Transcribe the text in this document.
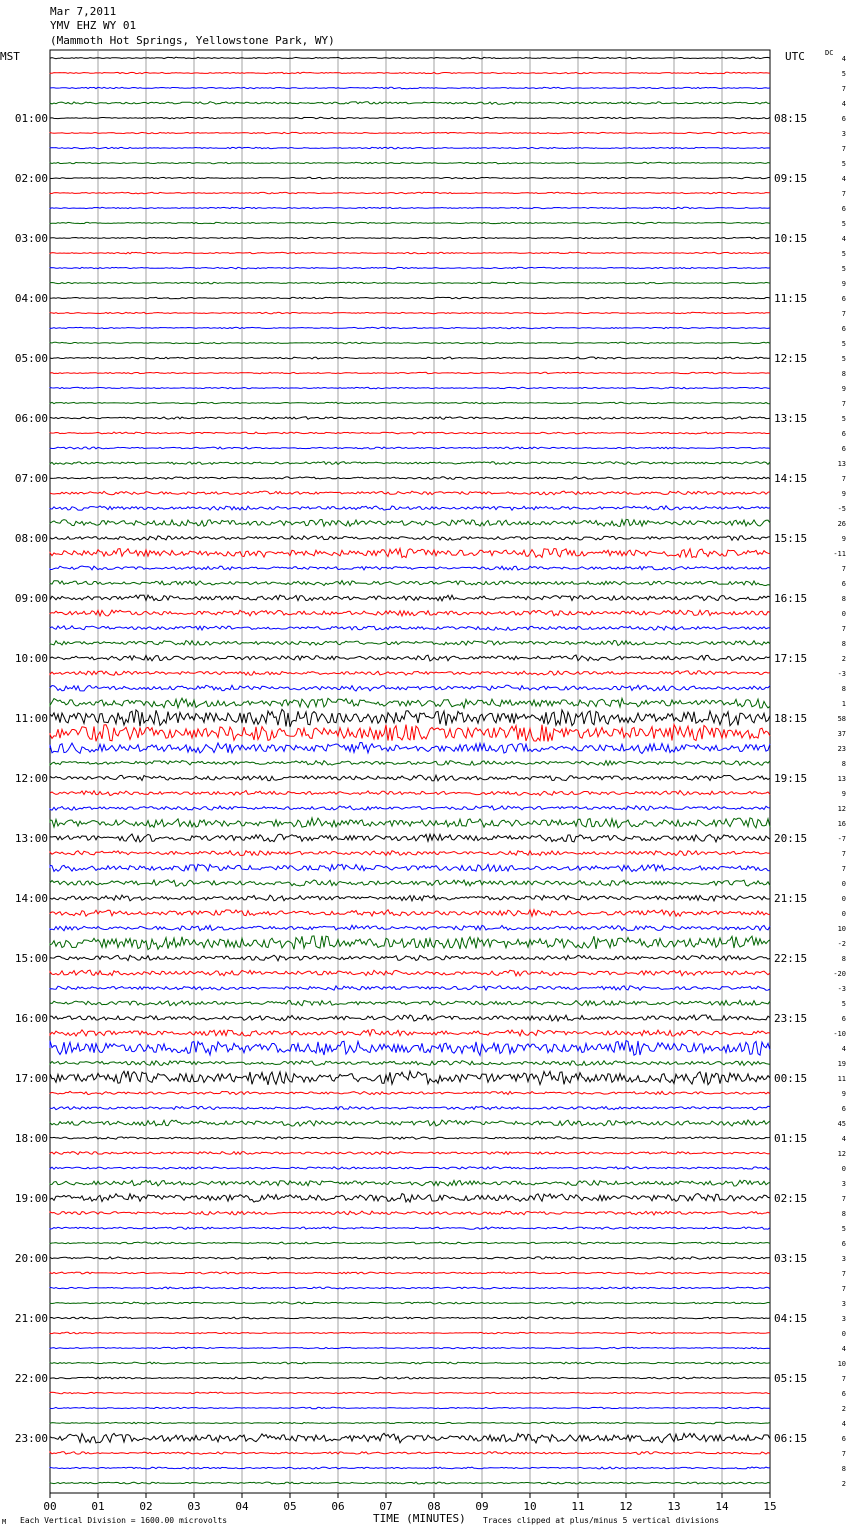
Mar 7,2011
YMV EHZ WY 01
(Mammoth Hot Springs, Yellowstone Park, WY)
MST	UTC	DC
00	01	02	03	04	05	06	07	08	09	10	11	12	13	14	15
4
5
7
4
6
3
7
5
4
7
6
5
4
5
5
9
6
7
6
5
5
8
9
7
5
6
6
13
7
9
-5
26
9
-11
7
6
8
0
7
8
2
-3
8
1
58
37
23
8
13
9
12
16
-7
7
7
0
0
0
10
-2
8
-20
-3
5
6
-10
4
19
11
9
6
45
4
12
0
3
7
8
5
6
3
7
7
3
3
0
4
10
7
6
2
4
6
7
8
2
01:00
02:00
03:00
04:00
05:00
06:00
07:00
08:00
09:00
10:00
11:00
12:00
13:00
14:00
15:00
16:00
17:00
18:00
19:00
20:00
21:00
22:00
23:00
08:15
09:15
10:15
11:15
12:15
13:15
14:15
15:15
16:15
17:15
18:15
19:15
20:15
21:15
22:15
23:15
00:15
01:15
02:15
03:15
04:15
05:15
06:15
M Each Vertical Division = 1600.00 microvolts	TIME (MINUTES) Traces clipped at plus/minus 5 vertical divisions
